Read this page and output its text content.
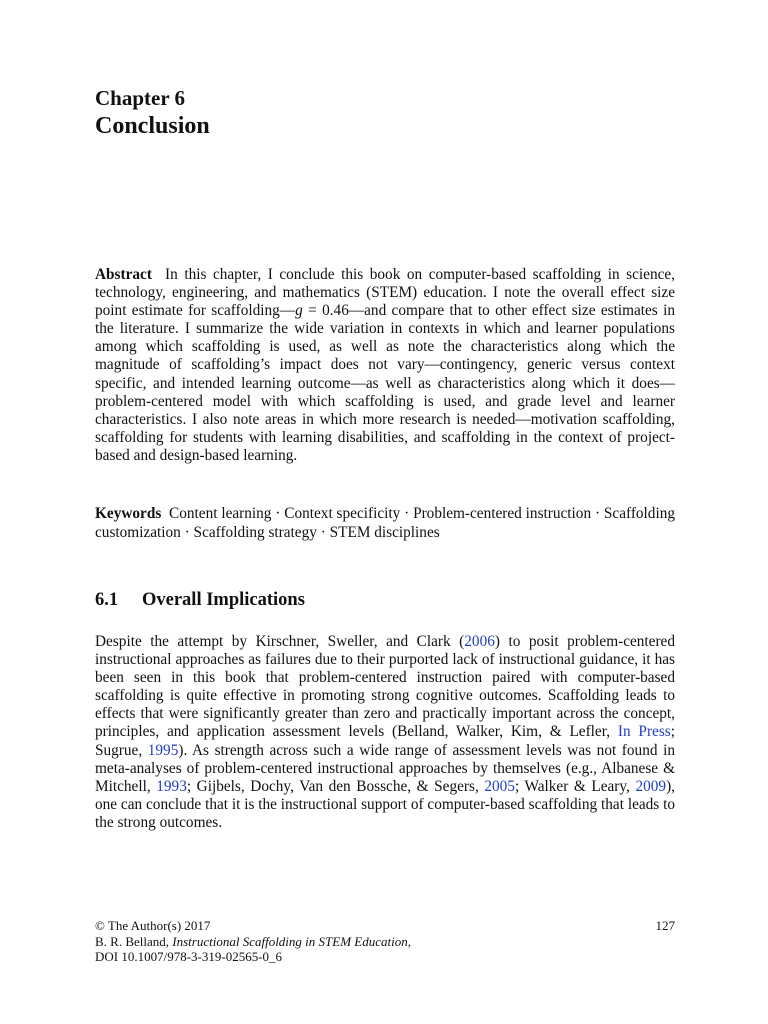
Chapter 6
Conclusion
Abstract In this chapter, I conclude this book on computer-based scaffolding in science, technology, engineering, and mathematics (STEM) education. I note the overall effect size point estimate for scaffolding—g = 0.46—and compare that to other effect size estimates in the literature. I summarize the wide variation in contexts in which and learner populations among which scaffolding is used, as well as note the characteristics along which the magnitude of scaffolding’s impact does not vary—contingency, generic versus context specific, and intended learning outcome—as well as characteristics along which it does—problem-centered model with which scaffolding is used, and grade level and learner characteristics. I also note areas in which more research is needed—motivation scaffolding, scaffolding for students with learning disabilities, and scaffolding in the context of project-based and design-based learning.
Keywords Content learning · Context specificity · Problem-centered instruction · Scaffolding customization · Scaffolding strategy · STEM disciplines
6.1 Overall Implications
Despite the attempt by Kirschner, Sweller, and Clark (2006) to posit problem-centered instructional approaches as failures due to their purported lack of instructional guidance, it has been seen in this book that problem-centered instruction paired with computer-based scaffolding is quite effective in promoting strong cognitive outcomes. Scaffolding leads to effects that were significantly greater than zero and practically important across the concept, principles, and application assessment levels (Belland, Walker, Kim, & Lefler, In Press; Sugrue, 1995). As strength across such a wide range of assessment levels was not found in meta-analyses of problem-centered instructional approaches by themselves (e.g., Albanese & Mitchell, 1993; Gijbels, Dochy, Van den Bossche, & Segers, 2005; Walker & Leary, 2009), one can conclude that it is the instructional support of computer-based scaffolding that leads to the strong outcomes.
© The Author(s) 2017
B. R. Belland, Instructional Scaffolding in STEM Education,
DOI 10.1007/978-3-319-02565-0_6
127
